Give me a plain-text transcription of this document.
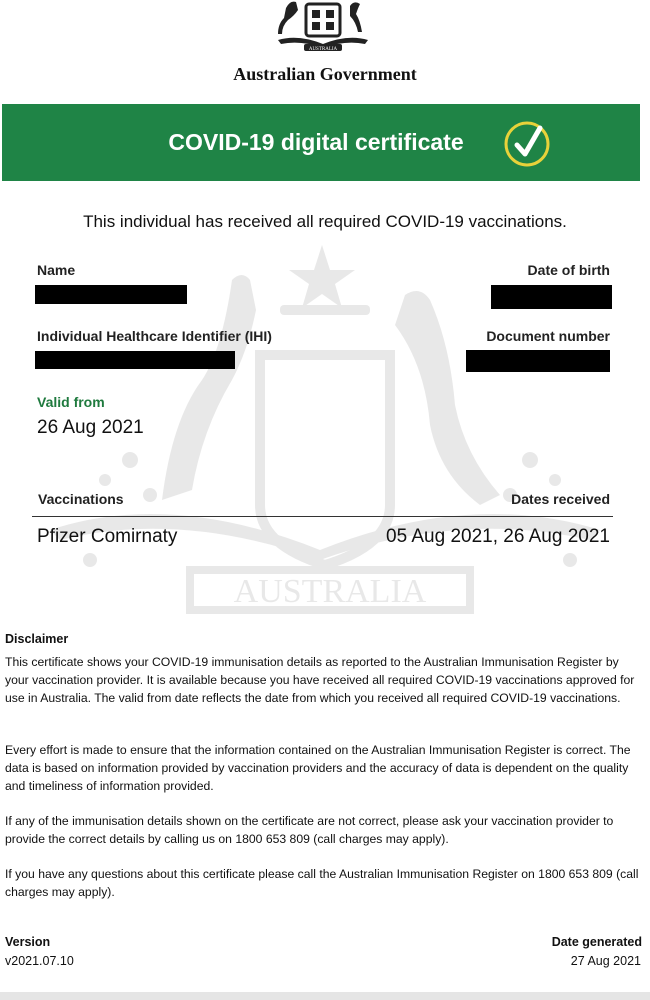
AUSTRALIA
Australian Government
COVID-19 digital certificate
This individual has received all required COVID-19 vaccinations.
AUSTRALIA
Name	Date of birth
Individual Healthcare Identifier (IHI)	Document number
Valid from
26 Aug 2021
Vaccinations	Dates received
Pfizer Comirnaty	05 Aug 2021, 26 Aug 2021
Disclaimer

This certificate shows your COVID-19 immunisation details as reported to the Australian Immunisation Register by your vaccination provider. It is available because you have received all required COVID-19 vaccinations approved for use in Australia. The valid from date reflects the date from which you received all required COVID-19 vaccinations.

Every effort is made to ensure that the information contained on the Australian Immunisation Register is correct. The data is based on information provided by vaccination providers and the accuracy of data is dependent on the quality and timeliness of information provided.

If any of the immunisation details shown on the certificate are not correct, please ask your vaccination provider to provide the correct details by calling us on 1800 653 809 (call charges may apply).

If you have any questions about this certificate please call the Australian Immunisation Register on 1800 653 809 (call charges may apply).

Version
v2021.07.10
Date generated
27 Aug 2021
